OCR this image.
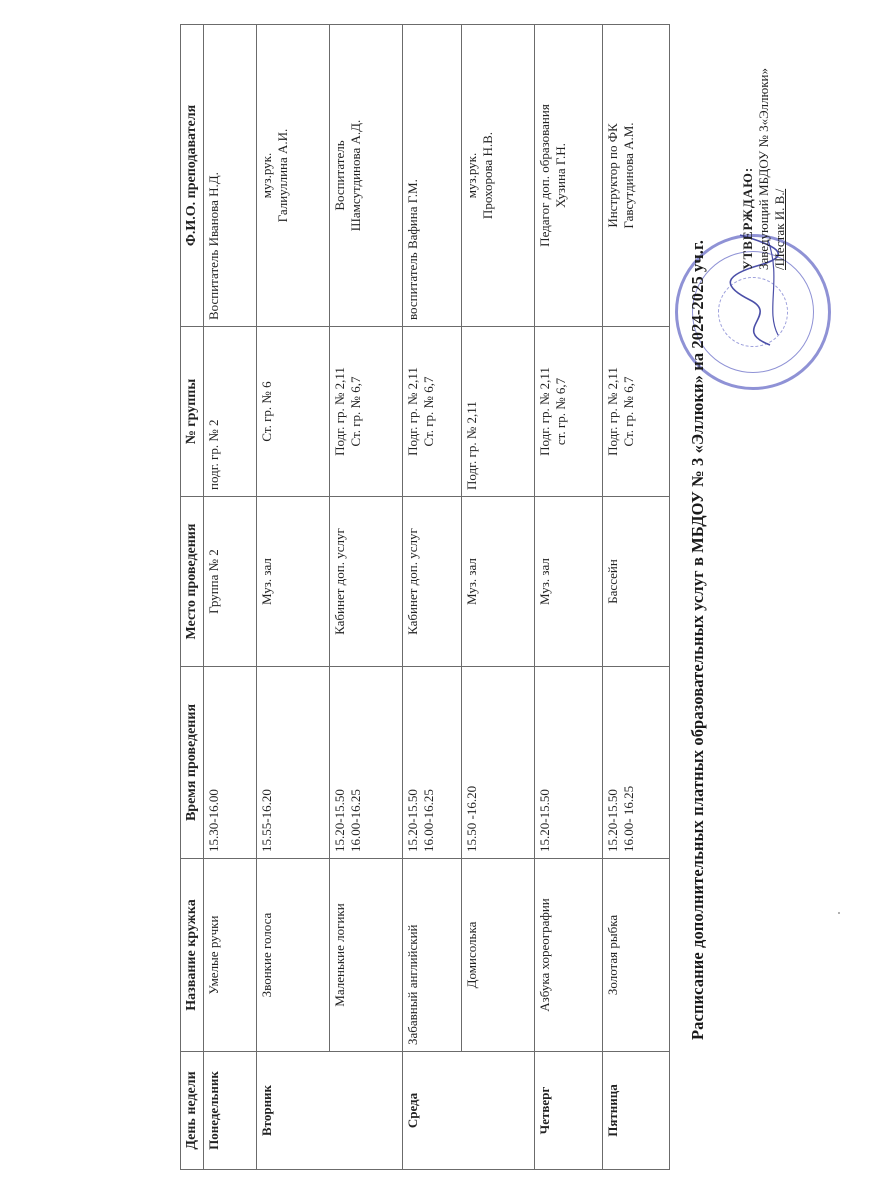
УТВЕРЖДАЮ: Заведующий МБДОУ № 3«Эллюки» /Шестак И. В./
Расписание дополнительных платных образовательных услуг в МБДОУ № 3 «Эллюки» на 2024-2025 уч.г.
День недели	Название кружка	Время проведения	Место проведения	№ группы	Ф.И.О. преподавателя
Понедельник	Умелые ручки	15.30-16.00	Группа № 2	подг. гр. № 2	Воспитатель Иванова Н.Д.

Вторник	Звонкие голоса	15.55-16.20	Муз. зал	Ст. гр. № 6	муз.рук. Галиуллина А.И.

	Маленькие логики	15.20-15.50 16.00-16.25	Кабинет доп. услуг	Подг. гр. № 2,11 Ст. гр. № 6,7	Воспитатель Шамсутдинова А.Д.

Среда	Забавный английский	15.20-15.50 16.00-16.25	Кабинет доп. услуг	Подг. гр. № 2,11 Ст. гр. № 6,7	воспитатель Вафина Г.М.

	Домисолька	15.50 -16.20	Муз. зал	Подг. гр. № 2,11	муз.рук. Прохорова Н.В.

Четверг	Азбука хореографии	15.20-15.50	Муз. зал	Подг. гр. № 2,11 ст. гр. № 6,7	Педагог доп. образования Хузина Г.Н.

Пятница	Золотая рыбка	15.20-15.50 16.00- 16.25	Бассейн	Подг. гр. № 2,11 Ст. гр. № 6,7	Инструктор по ФК Гавсутдинова А.М.
